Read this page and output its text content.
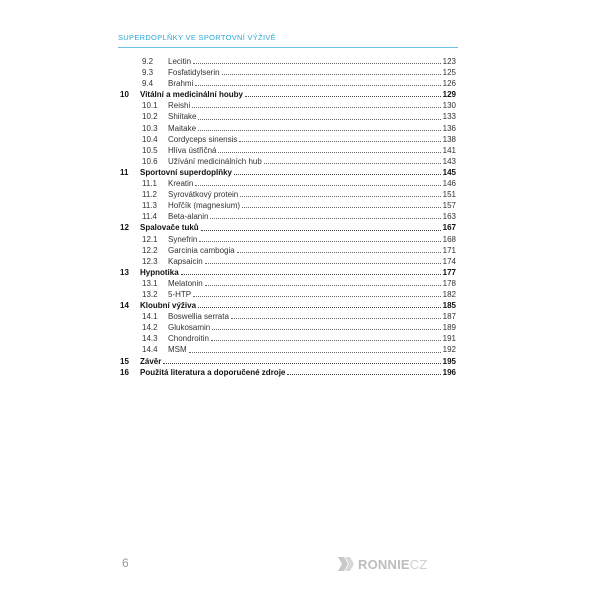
SUPERDOPLŇKY VE SPORTOVNÍ VÝŽIVĚ
9.2	Lecitin	123
9.3	Fosfatidylserin	125
9.4	Brahmi	126
10	Vitální a medicinální houby	129
10.1	Reishi	130
10.2	Shiitake	133
10.3	Maitake	136
10.4	Cordyceps sinensis	138
10.5	Hlíva ústřičná	141
10.6	Užívání medicinálních hub	143
11	Sportovní superdoplňky	145
11.1	Kreatin	146
11.2	Syrovátkový protein	151
11.3	Hořčík (magnesium)	157
11.4	Beta-alanin	163
12	Spalovače tuků	167
12.1	Synefrin	168
12.2	Garcinia cambogia	171
12.3	Kapsaicin	174
13	Hypnotika	177
13.1	Melatonin	178
13.2	5-HTP	182
14	Kloubní výživa	185
14.1	Boswellia serrata	187
14.2	Glukosamin	189
14.3	Chondroitin	191
14.4	MSM	192
15	Závěr	195
16	Použitá literatura a doporučené zdroje	196
6	RONNIE CZ
